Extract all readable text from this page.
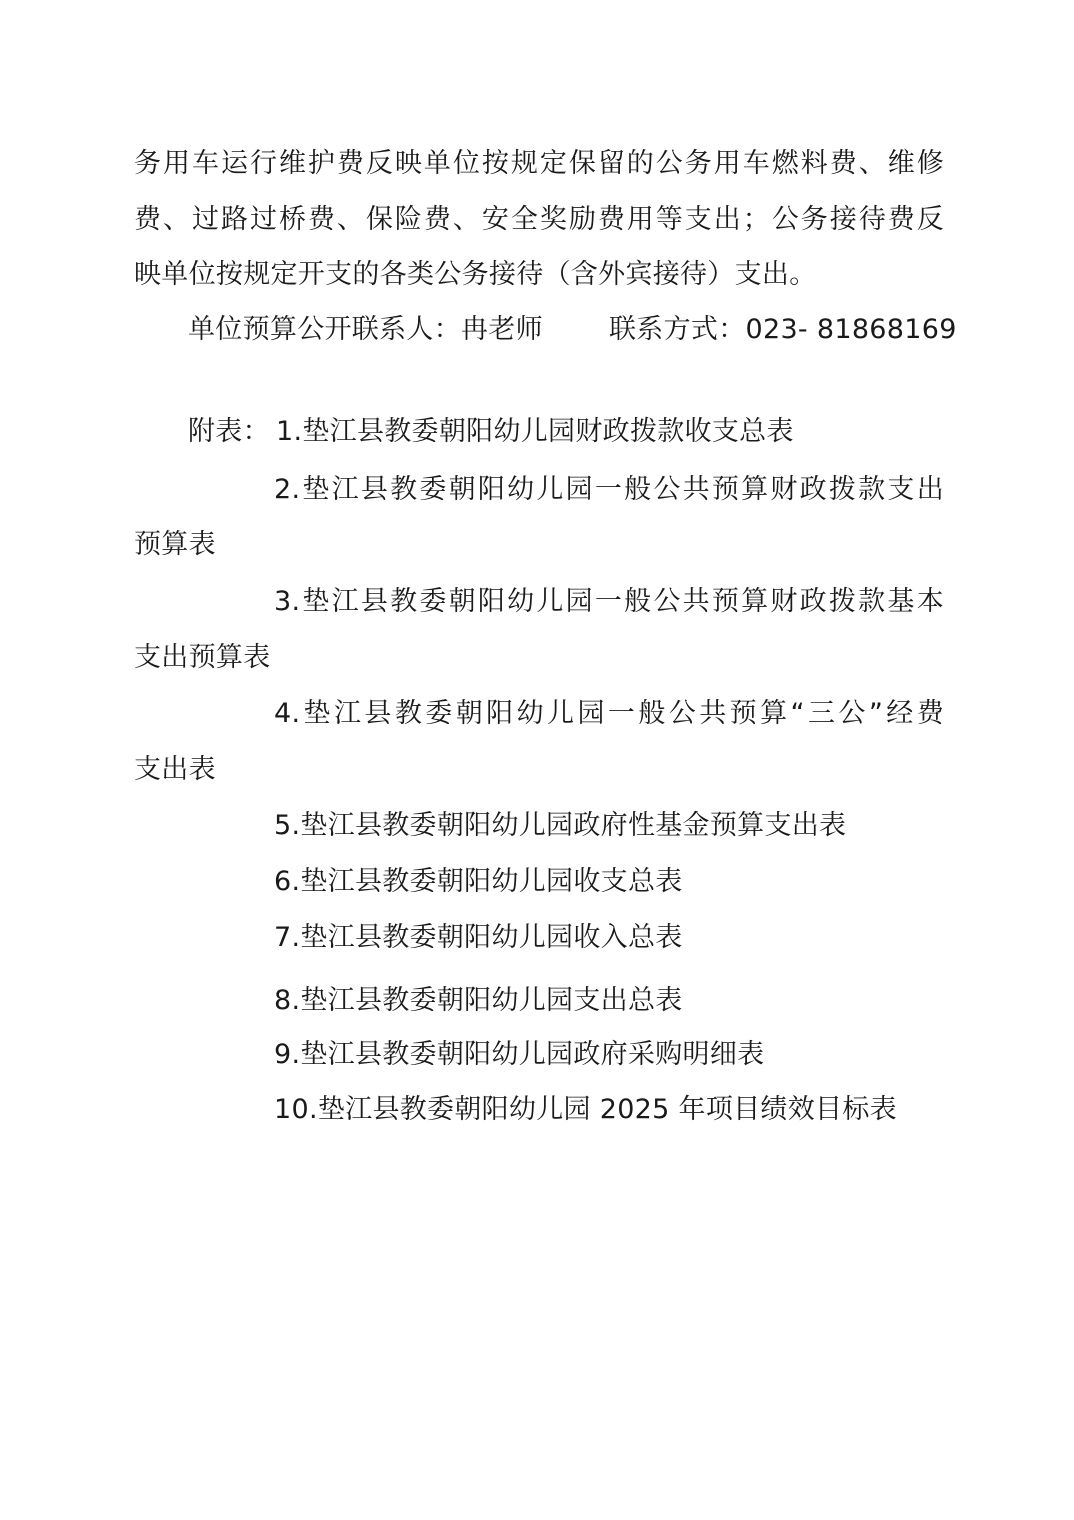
务用车运行维护费反映单位按规定保留的公务用车燃料费、维修
费、过路过桥费、保险费、安全奖励费用等支出；公务接待费反
映单位按规定开支的各类公务接待（含外宾接待）支出。
单位预算公开联系人：冉老师 联系方式：023- 81868169
附表： 1.垫江县教委朝阳幼儿园财政拨款收支总表
2.垫江县教委朝阳幼儿园一般公共预算财政拨款支出
预算表
3.垫江县教委朝阳幼儿园一般公共预算财政拨款基本
支出预算表
4.垫江县教委朝阳幼儿园一般公共预算“三公”经费
支出表
5.垫江县教委朝阳幼儿园政府性基金预算支出表
6.垫江县教委朝阳幼儿园收支总表
7.垫江县教委朝阳幼儿园收入总表
8.垫江县教委朝阳幼儿园支出总表
9.垫江县教委朝阳幼儿园政府采购明细表
10.垫江县教委朝阳幼儿园 2025 年项目绩效目标表
